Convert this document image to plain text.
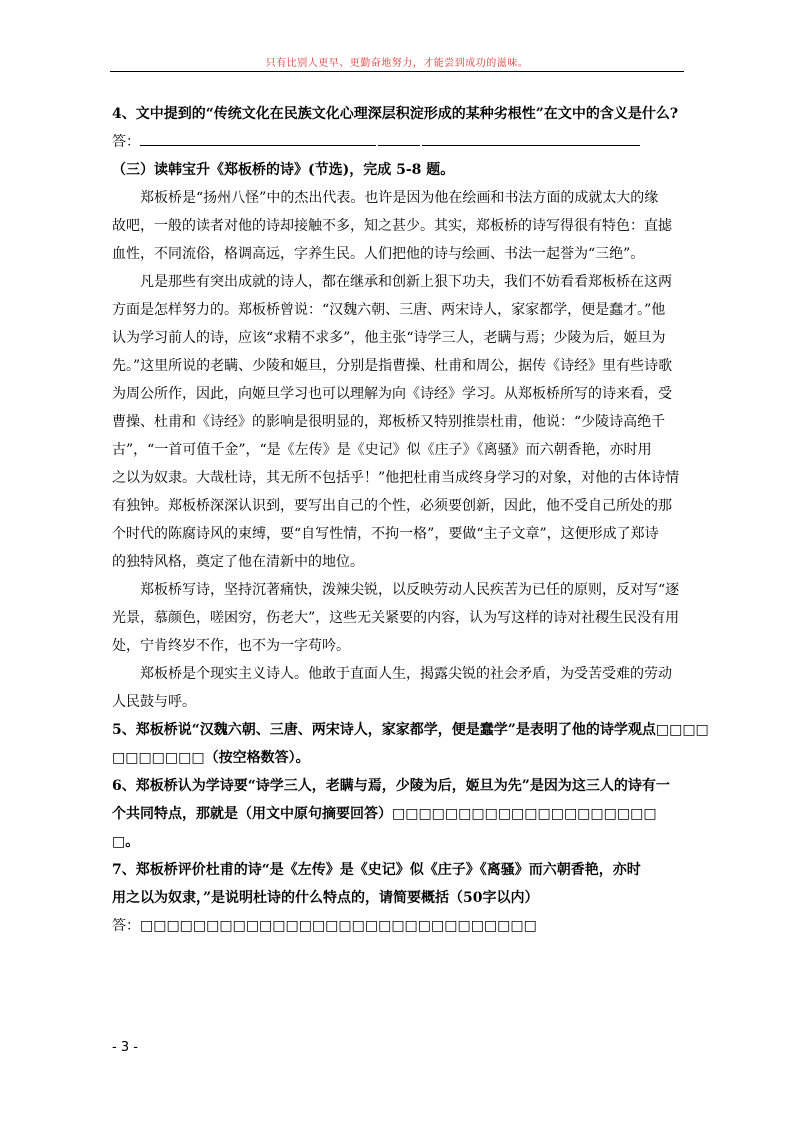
只有比别人更早、更勤奋地努力，才能尝到成功的滋味。
4、文中提到的“传统文化在民族文化心理深层积淀形成的某种劣根性”在文中的含义是什么?
答：
（三）读韩宝升《郑板桥的诗》(节选)，完成 5-8 题。
郑板桥是“扬州八怪”中的杰出代表。也许是因为他在绘画和书法方面的成就太大的缘
故吧，一般的读者对他的诗却接触不多，知之甚少。其实，郑板桥的诗写得很有特色：直摅
血性，不同流俗，格调高远，字养生民。人们把他的诗与绘画、书法一起誉为“三绝”。
凡是那些有突出成就的诗人，都在继承和创新上狠下功夫，我们不妨看看郑板桥在这两
方面是怎样努力的。郑板桥曾说：“汉魏六朝、三唐、两宋诗人，家家都学，便是蠢才。”他
认为学习前人的诗，应该“求精不求多”，他主张“诗学三人，老瞒与焉；少陵为后，姬旦为
先。”这里所说的老瞒、少陵和姬旦，分别是指曹操、杜甫和周公，据传《诗经》里有些诗歌
为周公所作，因此，向姬旦学习也可以理解为向《诗经》学习。从郑板桥所写的诗来看，受
曹操、杜甫和《诗经》的影响是很明显的，郑板桥又特别推崇杜甫，他说：“少陵诗高绝千
古”，“一首可值千金”，“是《左传》是《史记》似《庄子》《离骚》而六朝香艳，亦时用
之以为奴隶。大哉杜诗，其无所不包括乎！”他把杜甫当成终身学习的对象，对他的古体诗情
有独钟。郑板桥深深认识到，要写出自己的个性，必须要创新，因此，他不受自己所处的那
个时代的陈腐诗风的束缚，要“自写性情，不拘一格”，要做“主子文章”，这便形成了郑诗
的独特风格，奠定了他在清新中的地位。
郑板桥写诗，坚持沉著痛快，泼辣尖锐，以反映劳动人民疾苦为已任的原则，反对写“逐
光景，慕颜色，嗟困穷，伤老大”，这些无关紧要的内容，认为写这样的诗对社稷生民没有用
处，宁肯终岁不作，也不为一字苟吟。
郑板桥是个现实主义诗人。他敢于直面人生，揭露尖锐的社会矛盾，为受苦受难的劳动
人民鼓与呼。
5、郑板桥说“汉魏六朝、三唐、两宋诗人，家家都学，便是蠢学”是表明了他的诗学观点□□□□
□□□□□□□（按空格数答）。
6、郑板桥认为学诗要“诗学三人，老瞒与焉，少陵为后，姬旦为先”是因为这三人的诗有一
个共同特点，那就是（用文中原句摘要回答）□□□□□□□□□□□□□□□□□□□□
□。
7、郑板桥评价杜甫的诗“是《左传》是《史记》似《庄子》《离骚》而六朝香艳，亦时
用之以为奴隶，”是说明杜诗的什么特点的，请简要概括（50字以内）
答：□□□□□□□□□□□□□□□□□□□□□□□□□□□□□□
- 3 -
